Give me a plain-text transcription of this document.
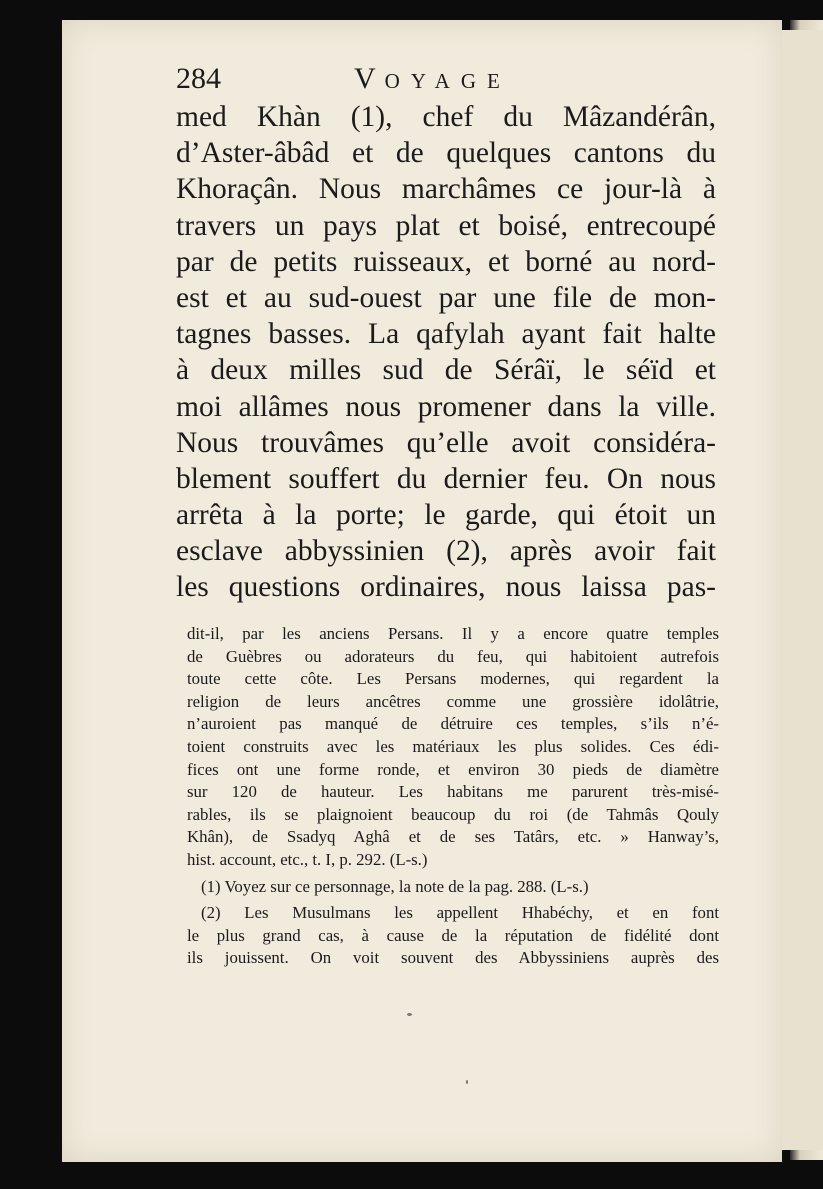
284	V OYAGE
med Khàn (1), chef du Mâzandérân,
d’Aster-âbâd et de quelques cantons du
Khoraçân. Nous marchâmes ce jour-là à
travers un pays plat et boisé, entrecoupé
par de petits ruisseaux, et borné au nord-
est et au sud-ouest par une file de mon-
tagnes basses. La qafylah ayant fait halte
à deux milles sud de Sérâï, le séïd et
moi allâmes nous promener dans la ville.
Nous trouvâmes qu’elle avoit considéra-
blement souffert du dernier feu. On nous
arrêta à la porte; le garde, qui étoit un
esclave abbyssinien (2), après avoir fait
les questions ordinaires, nous laissa pas-
dit-il, par les anciens Persans. Il y a encore quatre temples
de Guèbres ou adorateurs du feu, qui habitoient autrefois
toute cette côte. Les Persans modernes, qui regardent la
religion de leurs ancêtres comme une grossière idolâtrie,
n’auroient pas manqué de détruire ces temples, s’ils n’é-
toient construits avec les matériaux les plus solides. Ces édi-
fices ont une forme ronde, et environ 30 pieds de diamètre
sur 120 de hauteur. Les habitans me parurent très-misé-
rables, ils se plaignoient beaucoup du roi (de Tahmâs Qouly
Khân), de Ssadyq Aghâ et de ses Tatârs, etc. » Hanway’s,
hist. account, etc., t. I, p. 292. (L-s.)
(1) Voyez sur ce personnage, la note de la pag. 288. (L-s.)
(2) Les Musulmans les appellent Hhabéchy, et en font
le plus grand cas, à cause de la réputation de fidélité dont
ils jouissent. On voit souvent des Abbyssiniens auprès des
